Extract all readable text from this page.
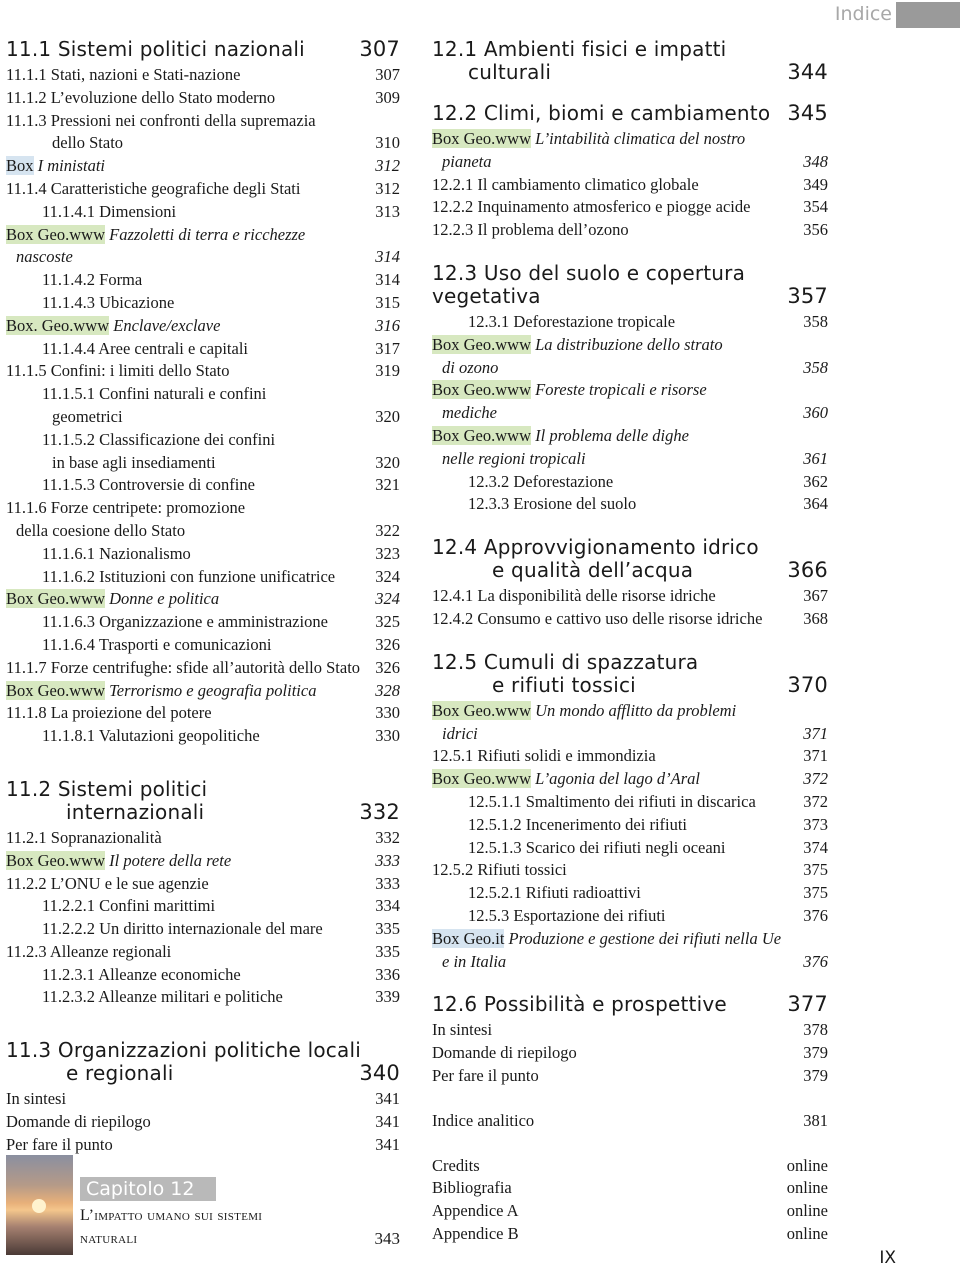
Indice
11.1 Sistemi politici nazionali	307
11.1.1 Stati, nazioni e Stati-nazione	307
11.1.2 L’evoluzione dello Stato moderno	309
11.1.3 Pressioni nei confronti della supremazia
dello Stato	310
Box I ministati	312
11.1.4 Caratteristiche geografiche degli Stati	312
11.1.4.1 Dimensioni	313
Box Geo.www Fazzoletti di terra e ricchezze
nascoste	314
11.1.4.2 Forma	314
11.1.4.3 Ubicazione	315
Box. Geo.www Enclave/exclave	316
11.1.4.4 Aree centrali e capitali	317
11.1.5 Confini: i limiti dello Stato	319
11.1.5.1 Confini naturali e confini
geometrici	320
11.1.5.2 Classificazione dei confini
in base agli insediamenti	320
11.1.5.3 Controversie di confine	321
11.1.6 Forze centripete: promozione
della coesione dello Stato	322
11.1.6.1 Nazionalismo	323
11.1.6.2 Istituzioni con funzione unificatrice 324
Box Geo.www Donne e politica	324
11.1.6.3 Organizzazione e amministrazione	325
11.1.6.4 Trasporti e comunicazioni	326
11.1.7 Forze centrifughe: sfide all’autorità dello Stato 326
Box Geo.www Terrorismo e geografia politica	328
11.1.8 La proiezione del potere	330
11.1.8.1 Valutazioni geopolitiche	330
11.2 Sistemi politici
internazionali	332
11.2.1 Sopranazionalità	332
Box Geo.www Il potere della rete	333
11.2.2 L’ONU e le sue agenzie	333
11.2.2.1 Confini marittimi	334
11.2.2.2 Un diritto internazionale del mare	335
11.2.3 Alleanze regionali	335
11.2.3.1 Alleanze economiche	336
11.2.3.2 Alleanze militari e politiche	339
11.3 Organizzazioni politiche locali
e regionali	340
In sintesi	341
Domande di riepilogo	341
Per fare il punto	341
Capitolo 12
L’impatto umano sui sistemi
naturali	343
12.1 Ambienti fisici e impatti
culturali	344
12.2 Climi, biomi e cambiamento 345
Box Geo.www L’intabilità climatica del nostro
pianeta	348
12.2.1 Il cambiamento climatico globale	349
12.2.2 Inquinamento atmosferico e piogge acide	354
12.2.3 Il problema dell’ozono	356
12.3 Uso del suolo e copertura
vegetativa	357
12.3.1 Deforestazione tropicale	358
Box Geo.www La distribuzione dello strato
di ozono	358
Box Geo.www Foreste tropicali e risorse
mediche	360
Box Geo.www Il problema delle dighe
nelle regioni tropicali	361
12.3.2 Deforestazione	362
12.3.3 Erosione del suolo	364
12.4 Approvvigionamento idrico
e qualità dell’acqua	366
12.4.1 La disponibilità delle risorse idriche	367
12.4.2 Consumo e cattivo uso delle risorse idriche 368
12.5 Cumuli di spazzatura
e rifiuti tossici	370
Box Geo.www Un mondo afflitto da problemi
idrici	371
12.5.1 Rifiuti solidi e immondizia	371
Box Geo.www L’agonia del lago d’Aral	372
12.5.1.1 Smaltimento dei rifiuti in discarica	372
12.5.1.2 Incenerimento dei rifiuti	373
12.5.1.3 Scarico dei rifiuti negli oceani	374
12.5.2 Rifiuti tossici	375
12.5.2.1 Rifiuti radioattivi	375
12.5.3 Esportazione dei rifiuti	376
Box Geo.it Produzione e gestione dei rifiuti nella Ue
e in Italia	376
12.6 Possibilità e prospettive	377
In sintesi	378
Domande di riepilogo	379
Per fare il punto	379
Indice analitico	381
Credits	online
Bibliografia	online
Appendice A	online
Appendice B	online
IX
